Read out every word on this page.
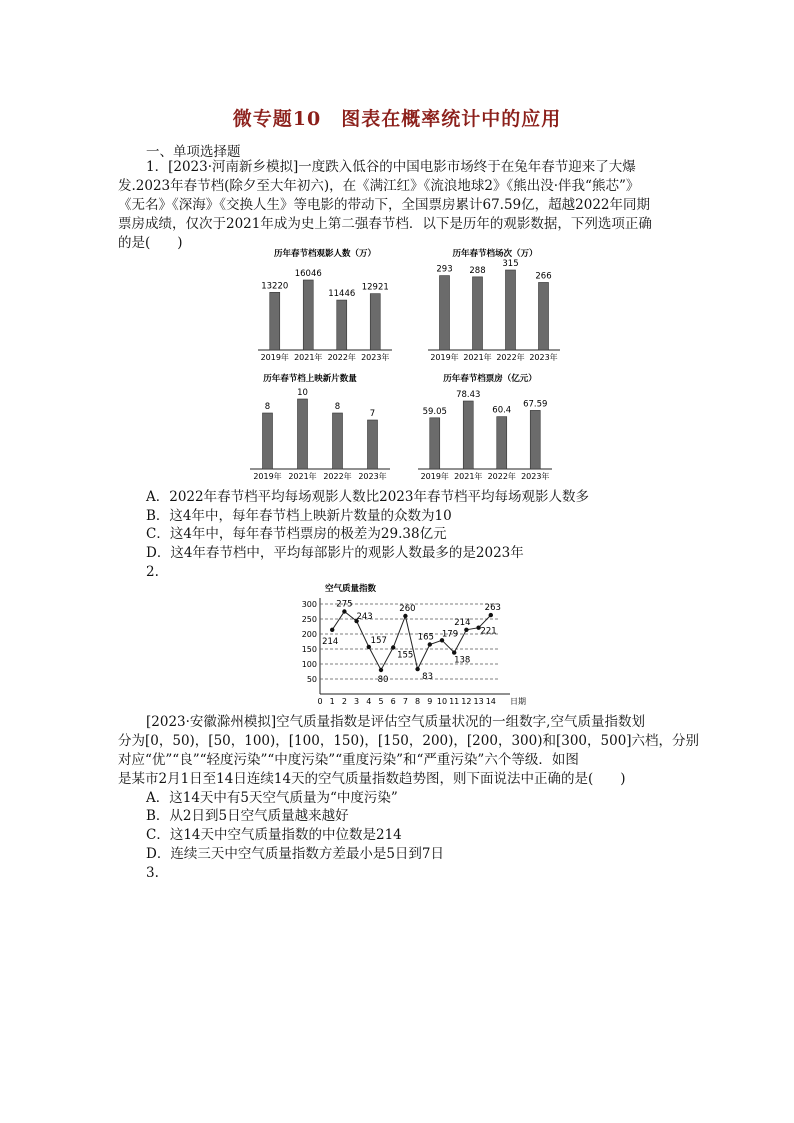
微专题10　图表在概率统计中的应用
一、单项选择题
1．[2023·河南新乡模拟]一度跌入低谷的中国电影市场终于在兔年春节迎来了大爆
发.2023年春节档(除夕至大年初六)，在《满江红》《流浪地球2》《熊出没·伴我“熊芯”》
《无名》《深海》《交换人生》等电影的带动下，全国票房累计67.59亿，超越2022年同期
票房成绩，仅次于2021年成为史上第二强春节档．以下是历年的观影数据，下列选项正确
的是(　　)
历年春节档观影人数（万）
13220
2019年
16046
2021年
11446
2022年
12921
2023年
历年春节档场次（万）
293
2019年
288
2021年
315
2022年
266
2023年
历年春节档上映新片数量
8
2019年
10
2021年
8
2022年
7
2023年
历年春节档票房（亿元）
59.05
2019年
78.43
2021年
60.4
2022年
67.59
2023年
空气质量指数
日期
50
100
150
200
250
300
0 1 2 3 4 5 6 7 8 9 10 11 12 13 14
214
275
243
157
80
155
260
83
165 179
138
214
221
263
A．2022年春节档平均每场观影人数比2023年春节档平均每场观影人数多
B．这4年中，每年春节档上映新片数量的众数为10
C．这4年中，每年春节档票房的极差为29.38亿元
D．这4年春节档中，平均每部影片的观影人数最多的是2023年
2.
[2023·安徽滁州模拟]空气质量指数是评估空气质量状况的一组数字,空气质量指数划
分为[0，50)，[50，100)，[100，150)，[150，200)，[200，300)和[300，500]六档，分别
对应“优”“良”“轻度污染”“中度污染”“重度污染”和“严重污染”六个等级．如图
是某市2月1日至14日连续14天的空气质量指数趋势图，则下面说法中正确的是(　　)
A．这14天中有5天空气质量为“中度污染”
B．从2日到5日空气质量越来越好
C．这14天中空气质量指数的中位数是214
D．连续三天中空气质量指数方差最小是5日到7日
3.
